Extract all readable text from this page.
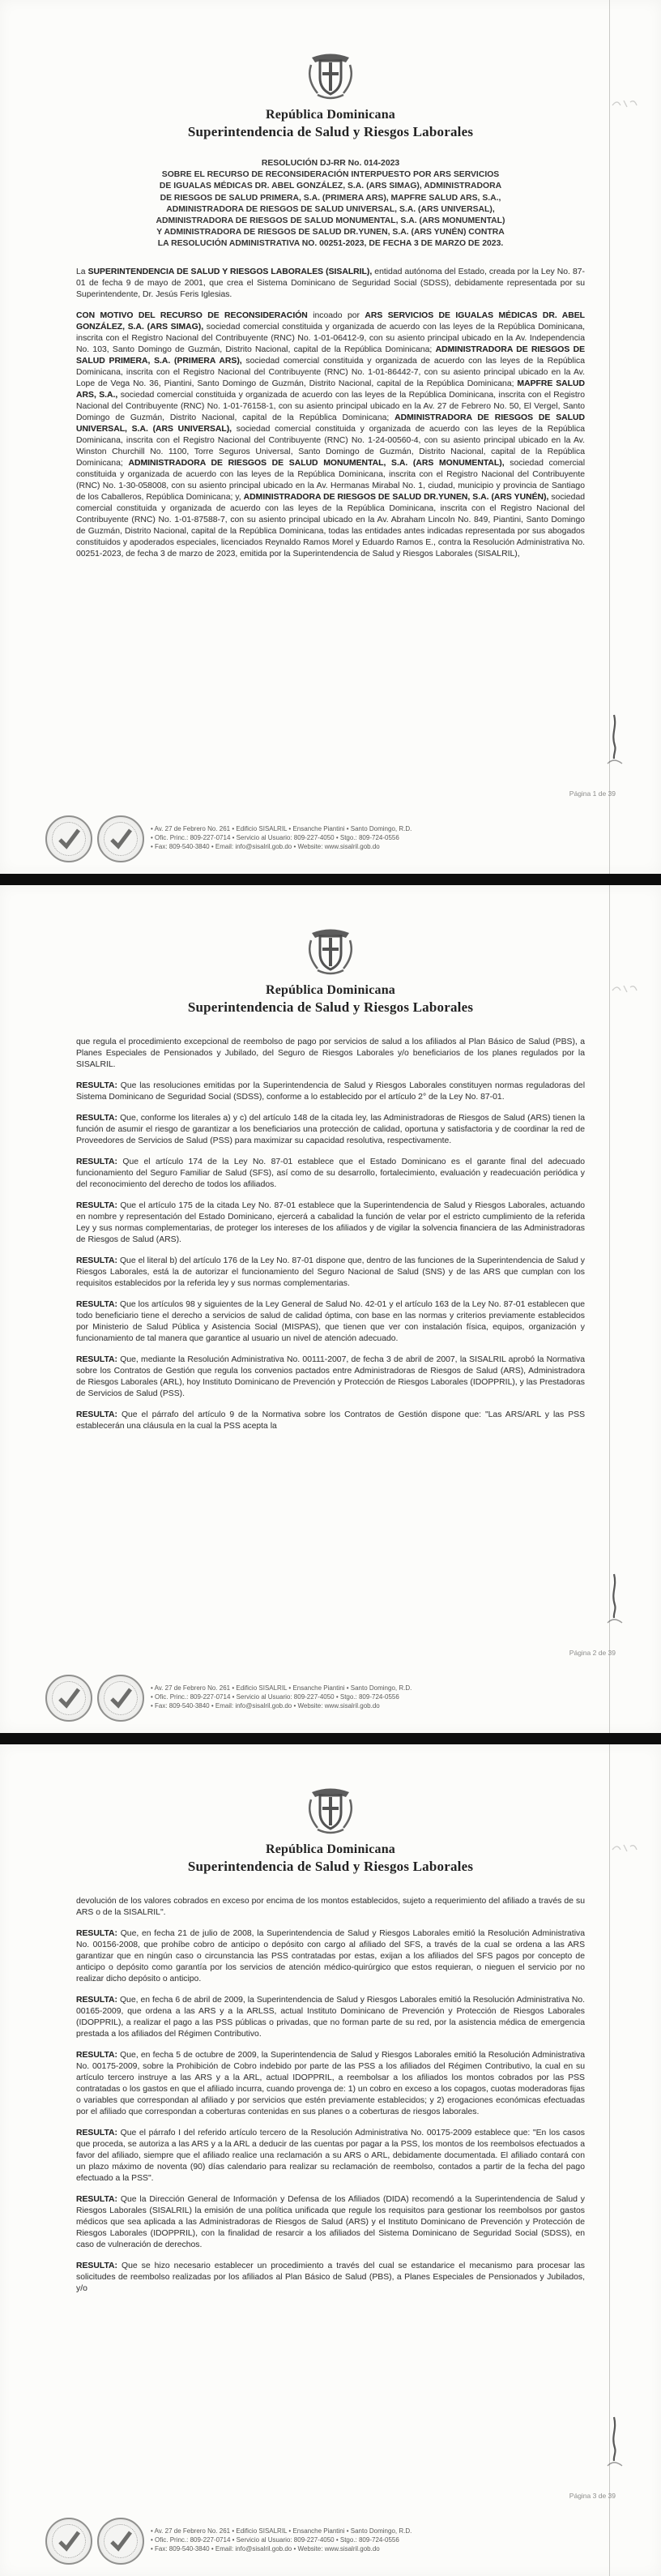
República Dominicana
Superintendencia de Salud y Riesgos Laborales
RESOLUCIÓN DJ-RR No. 014-2023
SOBRE EL RECURSO DE RECONSIDERACIÓN INTERPUESTO POR ARS SERVICIOS
DE IGUALAS MÉDICAS DR. ABEL GONZÁLEZ, S.A. (ARS SIMAG), ADMINISTRADORA
DE RIESGOS DE SALUD PRIMERA, S.A. (PRIMERA ARS), MAPFRE SALUD ARS, S.A.,
ADMINISTRADORA DE RIESGOS DE SALUD UNIVERSAL, S.A. (ARS UNIVERSAL),
ADMINISTRADORA DE RIESGOS DE SALUD MONUMENTAL, S.A. (ARS MONUMENTAL)
Y ADMINISTRADORA DE RIESGOS DE SALUD DR.YUNEN, S.A. (ARS YUNÉN) CONTRA
LA RESOLUCIÓN ADMINISTRATIVA NO. 00251-2023, DE FECHA 3 DE MARZO DE 2023.

La SUPERINTENDENCIA DE SALUD Y RIESGOS LABORALES (SISALRIL), entidad autónoma del Estado, creada por la Ley No. 87-01 de fecha 9 de mayo de 2001, que crea el Sistema Dominicano de Seguridad Social (SDSS), debidamente representada por su Superintendente, Dr. Jesús Feris Iglesias.

CON MOTIVO DEL RECURSO DE RECONSIDERACIÓN incoado por ARS SERVICIOS DE IGUALAS MÉDICAS DR. ABEL GONZÁLEZ, S.A. (ARS SIMAG), sociedad comercial constituida y organizada de acuerdo con las leyes de la República Dominicana, inscrita con el Registro Nacional del Contribuyente (RNC) No. 1-01-06412-9, con su asiento principal ubicado en la Av. Independencia No. 103, Santo Domingo de Guzmán, Distrito Nacional, capital de la República Dominicana; ADMINISTRADORA DE RIESGOS DE SALUD PRIMERA, S.A. (PRIMERA ARS), sociedad comercial constituida y organizada de acuerdo con las leyes de la República Dominicana, inscrita con el Registro Nacional del Contribuyente (RNC) No. 1-01-86442-7, con su asiento principal ubicado en la Av. Lope de Vega No. 36, Piantini, Santo Domingo de Guzmán, Distrito Nacional, capital de la República Dominicana; MAPFRE SALUD ARS, S.A., sociedad comercial constituida y organizada de acuerdo con las leyes de la República Dominicana, inscrita con el Registro Nacional del Contribuyente (RNC) No. 1-01-76158-1, con su asiento principal ubicado en la Av. 27 de Febrero No. 50, El Vergel, Santo Domingo de Guzmán, Distrito Nacional, capital de la República Dominicana; ADMINISTRADORA DE RIESGOS DE SALUD UNIVERSAL, S.A. (ARS UNIVERSAL), sociedad comercial constituida y organizada de acuerdo con las leyes de la República Dominicana, inscrita con el Registro Nacional del Contribuyente (RNC) No. 1-24-00560-4, con su asiento principal ubicado en la Av. Winston Churchill No. 1100, Torre Seguros Universal, Santo Domingo de Guzmán, Distrito Nacional, capital de la República Dominicana; ADMINISTRADORA DE RIESGOS DE SALUD MONUMENTAL, S.A. (ARS MONUMENTAL), sociedad comercial constituida y organizada de acuerdo con las leyes de la República Dominicana, inscrita con el Registro Nacional del Contribuyente (RNC) No. 1-30-058008, con su asiento principal ubicado en la Av. Hermanas Mirabal No. 1, ciudad, municipio y provincia de Santiago de los Caballeros, República Dominicana; y, ADMINISTRADORA DE RIESGOS DE SALUD DR.YUNEN, S.A. (ARS YUNÉN), sociedad comercial constituida y organizada de acuerdo con las leyes de la República Dominicana, inscrita con el Registro Nacional del Contribuyente (RNC) No. 1-01-87588-7, con su asiento principal ubicado en la Av. Abraham Lincoln No. 849, Piantini, Santo Domingo de Guzmán, Distrito Nacional, capital de la República Dominicana, todas las entidades antes indicadas representada por sus abogados constituidos y apoderados especiales, licenciados Reynaldo Ramos Morel y Eduardo Ramos E., contra la Resolución Administrativa No. 00251-2023, de fecha 3 de marzo de 2023, emitida por la Superintendencia de Salud y Riesgos Laborales (SISALRIL),

Página 1 de 39
• Av. 27 de Febrero No. 261 • Edificio SISALRIL • Ensanche Piantini • Santo Domingo, R.D.
• Ofic. Princ.: 809-227-0714 • Servicio al Usuario: 809-227-4050 • Stgo.: 809-724-0556
• Fax: 809-540-3840 • Email: info@sisalril.gob.do • Website: www.sisalril.gob.do
República Dominicana
Superintendencia de Salud y Riesgos Laborales

que regula el procedimiento excepcional de reembolso de pago por servicios de salud a los afiliados al Plan Básico de Salud (PBS), a Planes Especiales de Pensionados y Jubilado, del Seguro de Riesgos Laborales y/o beneficiarios de los planes regulados por la SISALRIL.

RESULTA: Que las resoluciones emitidas por la Superintendencia de Salud y Riesgos Laborales constituyen normas reguladoras del Sistema Dominicano de Seguridad Social (SDSS), conforme a lo establecido por el artículo 2° de la Ley No. 87-01.

RESULTA: Que, conforme los literales a) y c) del artículo 148 de la citada ley, las Administradoras de Riesgos de Salud (ARS) tienen la función de asumir el riesgo de garantizar a los beneficiarios una protección de calidad, oportuna y satisfactoria y de coordinar la red de Proveedores de Servicios de Salud (PSS) para maximizar su capacidad resolutiva, respectivamente.

RESULTA: Que el artículo 174 de la Ley No. 87-01 establece que el Estado Dominicano es el garante final del adecuado funcionamiento del Seguro Familiar de Salud (SFS), así como de su desarrollo, fortalecimiento, evaluación y readecuación periódica y del reconocimiento del derecho de todos los afiliados.

RESULTA: Que el artículo 175 de la citada Ley No. 87-01 establece que la Superintendencia de Salud y Riesgos Laborales, actuando en nombre y representación del Estado Dominicano, ejercerá a cabalidad la función de velar por el estricto cumplimiento de la referida Ley y sus normas complementarias, de proteger los intereses de los afiliados y de vigilar la solvencia financiera de las Administradoras de Riesgos de Salud (ARS).

RESULTA: Que el literal b) del artículo 176 de la Ley No. 87-01 dispone que, dentro de las funciones de la Superintendencia de Salud y Riesgos Laborales, está la de autorizar el funcionamiento del Seguro Nacional de Salud (SNS) y de las ARS que cumplan con los requisitos establecidos por la referida ley y sus normas complementarias.

RESULTA: Que los artículos 98 y siguientes de la Ley General de Salud No. 42-01 y el artículo 163 de la Ley No. 87-01 establecen que todo beneficiario tiene el derecho a servicios de salud de calidad óptima, con base en las normas y criterios previamente establecidos por Ministerio de Salud Pública y Asistencia Social (MISPAS), que tienen que ver con instalación física, equipos, organización y funcionamiento de tal manera que garantice al usuario un nivel de atención adecuado.

RESULTA: Que, mediante la Resolución Administrativa No. 00111-2007, de fecha 3 de abril de 2007, la SISALRIL aprobó la Normativa sobre los Contratos de Gestión que regula los convenios pactados entre Administradoras de Riesgos de Salud (ARS), Administradora de Riesgos Laborales (ARL), hoy Instituto Dominicano de Prevención y Protección de Riesgos Laborales (IDOPPRIL), y las Prestadoras de Servicios de Salud (PSS).

RESULTA: Que el párrafo del artículo 9 de la Normativa sobre los Contratos de Gestión dispone que: "Las ARS/ARL y las PSS establecerán una cláusula en la cual la PSS acepta la

Página 2 de 39
• Av. 27 de Febrero No. 261 • Edificio SISALRIL • Ensanche Piantini • Santo Domingo, R.D.
• Ofic. Princ.: 809-227-0714 • Servicio al Usuario: 809-227-4050 • Stgo.: 809-724-0556
• Fax: 809-540-3840 • Email: info@sisalril.gob.do • Website: www.sisalril.gob.do
República Dominicana
Superintendencia de Salud y Riesgos Laborales

devolución de los valores cobrados en exceso por encima de los montos establecidos, sujeto a requerimiento del afiliado a través de su ARS o de la SISALRIL".

RESULTA: Que, en fecha 21 de julio de 2008, la Superintendencia de Salud y Riesgos Laborales emitió la Resolución Administrativa No. 00156-2008, que prohíbe cobro de anticipo o depósito con cargo al afiliado del SFS, a través de la cual se ordena a las ARS garantizar que en ningún caso o circunstancia las PSS contratadas por estas, exijan a los afiliados del SFS pagos por concepto de anticipo o depósito como garantía por los servicios de atención médico-quirúrgico que estos requieran, o nieguen el servicio por no realizar dicho depósito o anticipo.

RESULTA: Que, en fecha 6 de abril de 2009, la Superintendencia de Salud y Riesgos Laborales emitió la Resolución Administrativa No. 00165-2009, que ordena a las ARS y a la ARLSS, actual Instituto Dominicano de Prevención y Protección de Riesgos Laborales (IDOPPRIL), a realizar el pago a las PSS públicas o privadas, que no forman parte de su red, por la asistencia médica de emergencia prestada a los afiliados del Régimen Contributivo.

RESULTA: Que, en fecha 5 de octubre de 2009, la Superintendencia de Salud y Riesgos Laborales emitió la Resolución Administrativa No. 00175-2009, sobre la Prohibición de Cobro indebido por parte de las PSS a los afiliados del Régimen Contributivo, la cual en su artículo tercero instruye a las ARS y a la ARL, actual IDOPPRIL, a reembolsar a los afiliados los montos cobrados por las PSS contratadas o los gastos en que el afiliado incurra, cuando provenga de: 1) un cobro en exceso a los copagos, cuotas moderadoras fijas o variables que correspondan al afiliado y por servicios que estén previamente establecidos; y 2) erogaciones económicas efectuadas por el afiliado que correspondan a coberturas contenidas en sus planes o a coberturas de riesgos laborales.

RESULTA: Que el párrafo I del referido artículo tercero de la Resolución Administrativa No. 00175-2009 establece que: "En los casos que proceda, se autoriza a las ARS y a la ARL a deducir de las cuentas por pagar a la PSS, los montos de los reembolsos efectuados a favor del afiliado, siempre que el afiliado realice una reclamación a su ARS o ARL, debidamente documentada. El afiliado contará con un plazo máximo de noventa (90) días calendario para realizar su reclamación de reembolso, contados a partir de la fecha del pago efectuado a la PSS".

RESULTA: Que la Dirección General de Información y Defensa de los Afiliados (DIDA) recomendó a la Superintendencia de Salud y Riesgos Laborales (SISALRIL) la emisión de una política unificada que regule los requisitos para gestionar los reembolsos por gastos médicos que sea aplicada a las Administradoras de Riesgos de Salud (ARS) y el Instituto Dominicano de Prevención y Protección de Riesgos Laborales (IDOPPRIL), con la finalidad de resarcir a los afiliados del Sistema Dominicano de Seguridad Social (SDSS), en caso de vulneración de derechos.

RESULTA: Que se hizo necesario establecer un procedimiento a través del cual se estandarice el mecanismo para procesar las solicitudes de reembolso realizadas por los afiliados al Plan Básico de Salud (PBS), a Planes Especiales de Pensionados y Jubilados, y/o

Página 3 de 39
• Av. 27 de Febrero No. 261 • Edificio SISALRIL • Ensanche Piantini • Santo Domingo, R.D.
• Ofic. Princ.: 809-227-0714 • Servicio al Usuario: 809-227-4050 • Stgo.: 809-724-0556
• Fax: 809-540-3840 • Email: info@sisalril.gob.do • Website: www.sisalril.gob.do
